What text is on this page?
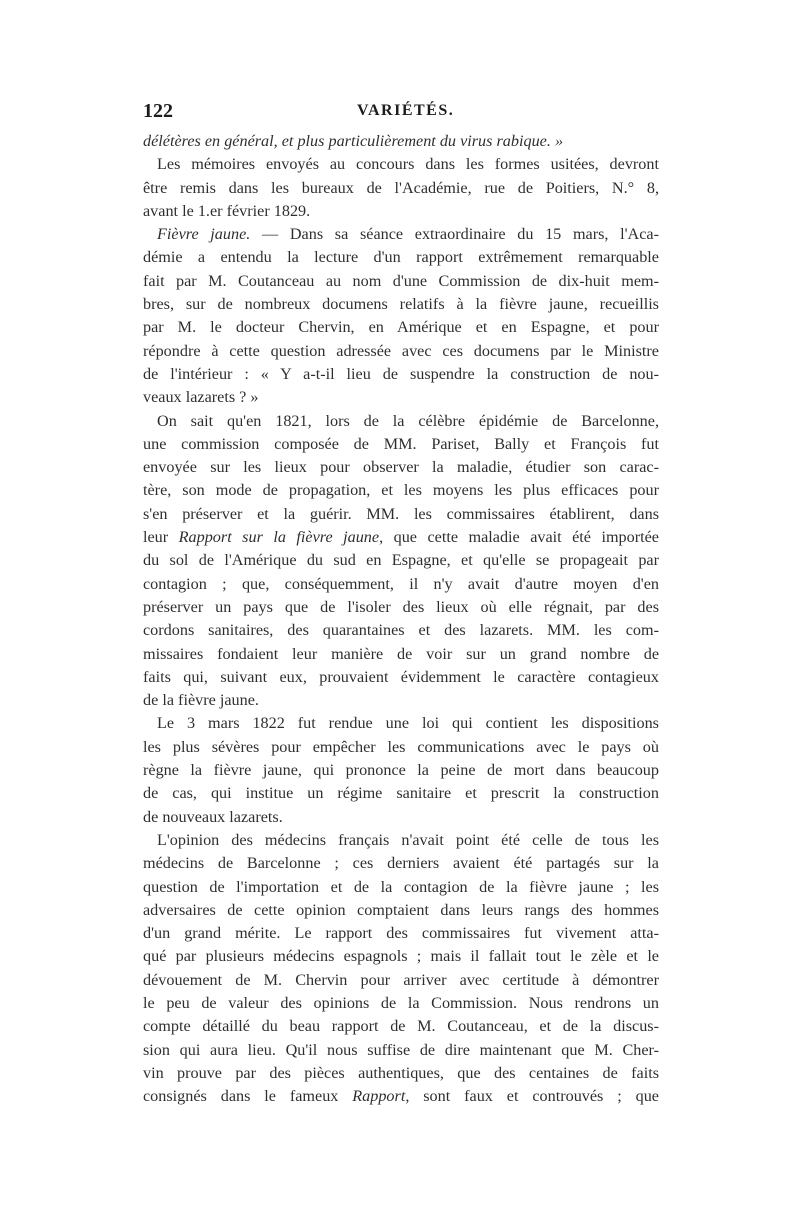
122	VARIÉTÉS.
délétères en général, et plus particulièrement du virus rabique. »
Les mémoires envoyés au concours dans les formes usitées, devront
être remis dans les bureaux de l'Académie, rue de Poitiers, N.° 8,
avant le 1.er février 1829.
Fièvre jaune. — Dans sa séance extraordinaire du 15 mars, l'Aca-
démie a entendu la lecture d'un rapport extrêmement remarquable
fait par M. Coutanceau au nom d'une Commission de dix-huit mem-
bres, sur de nombreux documens relatifs à la fièvre jaune, recueillis
par M. le docteur Chervin, en Amérique et en Espagne, et pour
répondre à cette question adressée avec ces documens par le Ministre
de l'intérieur : « Y a-t-il lieu de suspendre la construction de nou-
veaux lazarets ? »
On sait qu'en 1821, lors de la célèbre épidémie de Barcelonne,
une commission composée de MM. Pariset, Bally et François fut
envoyée sur les lieux pour observer la maladie, étudier son carac-
tère, son mode de propagation, et les moyens les plus efficaces pour
s'en préserver et la guérir. MM. les commissaires établirent, dans
leur Rapport sur la fièvre jaune, que cette maladie avait été importée
du sol de l'Amérique du sud en Espagne, et qu'elle se propageait par
contagion ; que, conséquemment, il n'y avait d'autre moyen d'en
préserver un pays que de l'isoler des lieux où elle régnait, par des
cordons sanitaires, des quarantaines et des lazarets. MM. les com-
missaires fondaient leur manière de voir sur un grand nombre de
faits qui, suivant eux, prouvaient évidemment le caractère contagieux
de la fièvre jaune.
Le 3 mars 1822 fut rendue une loi qui contient les dispositions
les plus sévères pour empêcher les communications avec le pays où
règne la fièvre jaune, qui prononce la peine de mort dans beaucoup
de cas, qui institue un régime sanitaire et prescrit la construction
de nouveaux lazarets.
L'opinion des médecins français n'avait point été celle de tous les
médecins de Barcelonne ; ces derniers avaient été partagés sur la
question de l'importation et de la contagion de la fièvre jaune ; les
adversaires de cette opinion comptaient dans leurs rangs des hommes
d'un grand mérite. Le rapport des commissaires fut vivement atta-
qué par plusieurs médecins espagnols ; mais il fallait tout le zèle et le
dévouement de M. Chervin pour arriver avec certitude à démontrer
le peu de valeur des opinions de la Commission. Nous rendrons un
compte détaillé du beau rapport de M. Coutanceau, et de la discus-
sion qui aura lieu. Qu'il nous suffise de dire maintenant que M. Cher-
vin prouve par des pièces authentiques, que des centaines de faits
consignés dans le fameux Rapport, sont faux et controuvés ; que
